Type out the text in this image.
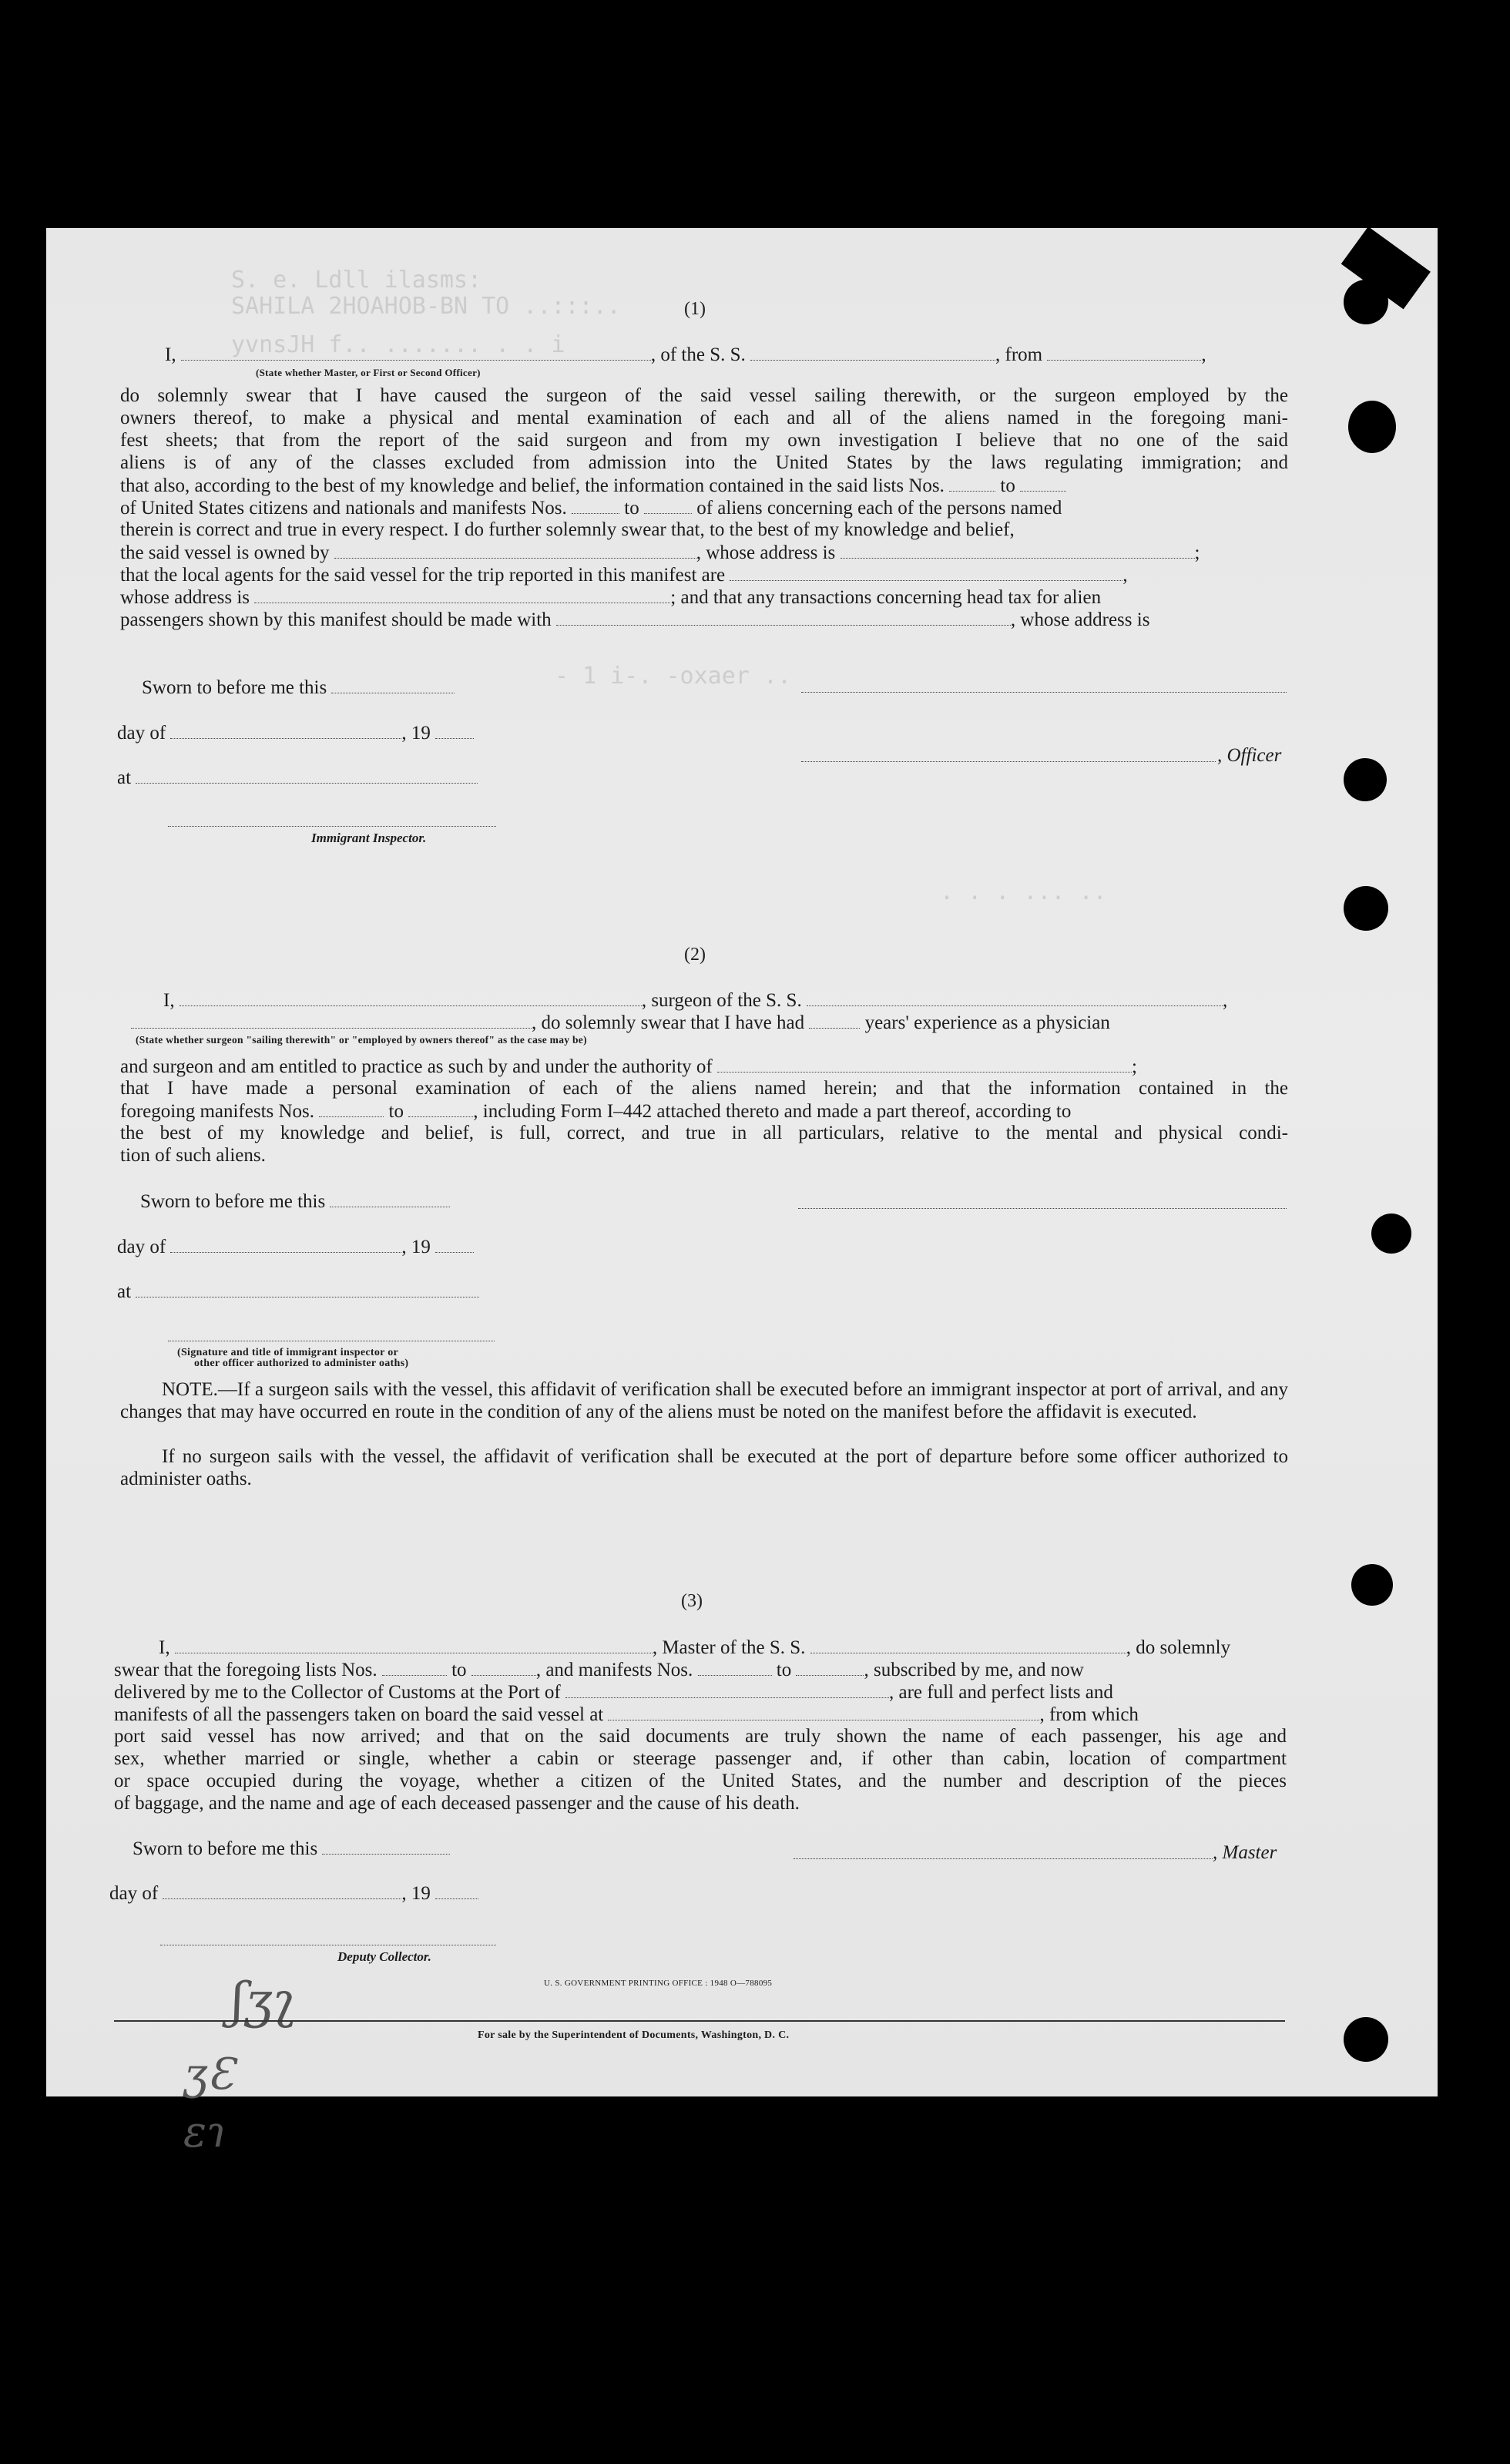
S. e. Ldll ilasms:
SAHILA 2HOAHOB-BN TO ..:::..
yvnsJH f.. ....... . . i
- 1 i-. -oxaer ..
. . . ... ..
ʃʒʅ
ʒƐ
ɛɿ
(1)
I,	, of the S. S.	, from	,
(State whether Master, or First or Second Officer)
do solemnly swear that I have caused the surgeon of the said vessel sailing therewith, or the surgeon employed by the
owners thereof, to make a physical and mental examination of each and all of the aliens named in the foregoing mani-
fest sheets; that from the report of the said surgeon and from my own investigation I believe that no one of the said
aliens is of any of the classes excluded from admission into the United States by the laws regulating immigration; and
that also, according to the best of my knowledge and belief, the information contained in the said lists Nos.	to
of United States citizens and nationals and manifests Nos.	to	of aliens concerning each of the persons named
therein is correct and true in every respect. I do further solemnly swear that, to the best of my knowledge and belief,
the said vessel is owned by	, whose address is	;
that the local agents for the said vessel for the trip reported in this manifest are	,
whose address is	; and that any transactions concerning head tax for alien
passengers shown by this manifest should be made with	, whose address is
Sworn to before me this
day of	, 19
, Officer
at
Immigrant Inspector.
(2)
I,	, surgeon of the S. S.	,
, do solemnly swear that I have had	years' experience as a physician
(State whether surgeon "sailing therewith" or "employed by owners thereof" as the case may be)
and surgeon and am entitled to practice as such by and under the authority of	;
that I have made a personal examination of each of the aliens named herein; and that the information contained in the
foregoing manifests Nos.	to	, including Form I–442 attached thereto and made a part thereof, according to
the best of my knowledge and belief, is full, correct, and true in all particulars, relative to the mental and physical condi-
tion of such aliens.
Sworn to before me this
day of	, 19
at
(Signature and title of immigrant inspector or
other officer authorized to administer oaths)
NOTE.—If a surgeon sails with the vessel, this affidavit of verification shall be executed before an immigrant inspector at port of arrival, and any changes that may have occurred en route in the condition of any of the aliens must be noted on the manifest before the affidavit is executed.
If no surgeon sails with the vessel, the affidavit of verification shall be executed at the port of departure before some officer authorized to administer oaths.
(3)
I,	, Master of the S. S.	, do solemnly
swear that the foregoing lists Nos.	to	, and manifests Nos.	to	, subscribed by me, and now
delivered by me to the Collector of Customs at the Port of	, are full and perfect lists and
manifests of all the passengers taken on board the said vessel at	, from which
port said vessel has now arrived; and that on the said documents are truly shown the name of each passenger, his age and
sex, whether married or single, whether a cabin or steerage passenger and, if other than cabin, location of compartment
or space occupied during the voyage, whether a citizen of the United States, and the number and description of the pieces
of baggage, and the name and age of each deceased passenger and the cause of his death.
Sworn to before me this	, Master
day of	, 19
Deputy Collector.
U. S. GOVERNMENT PRINTING OFFICE : 1948 O—788095
For sale by the Superintendent of Documents, Washington, D. C.
